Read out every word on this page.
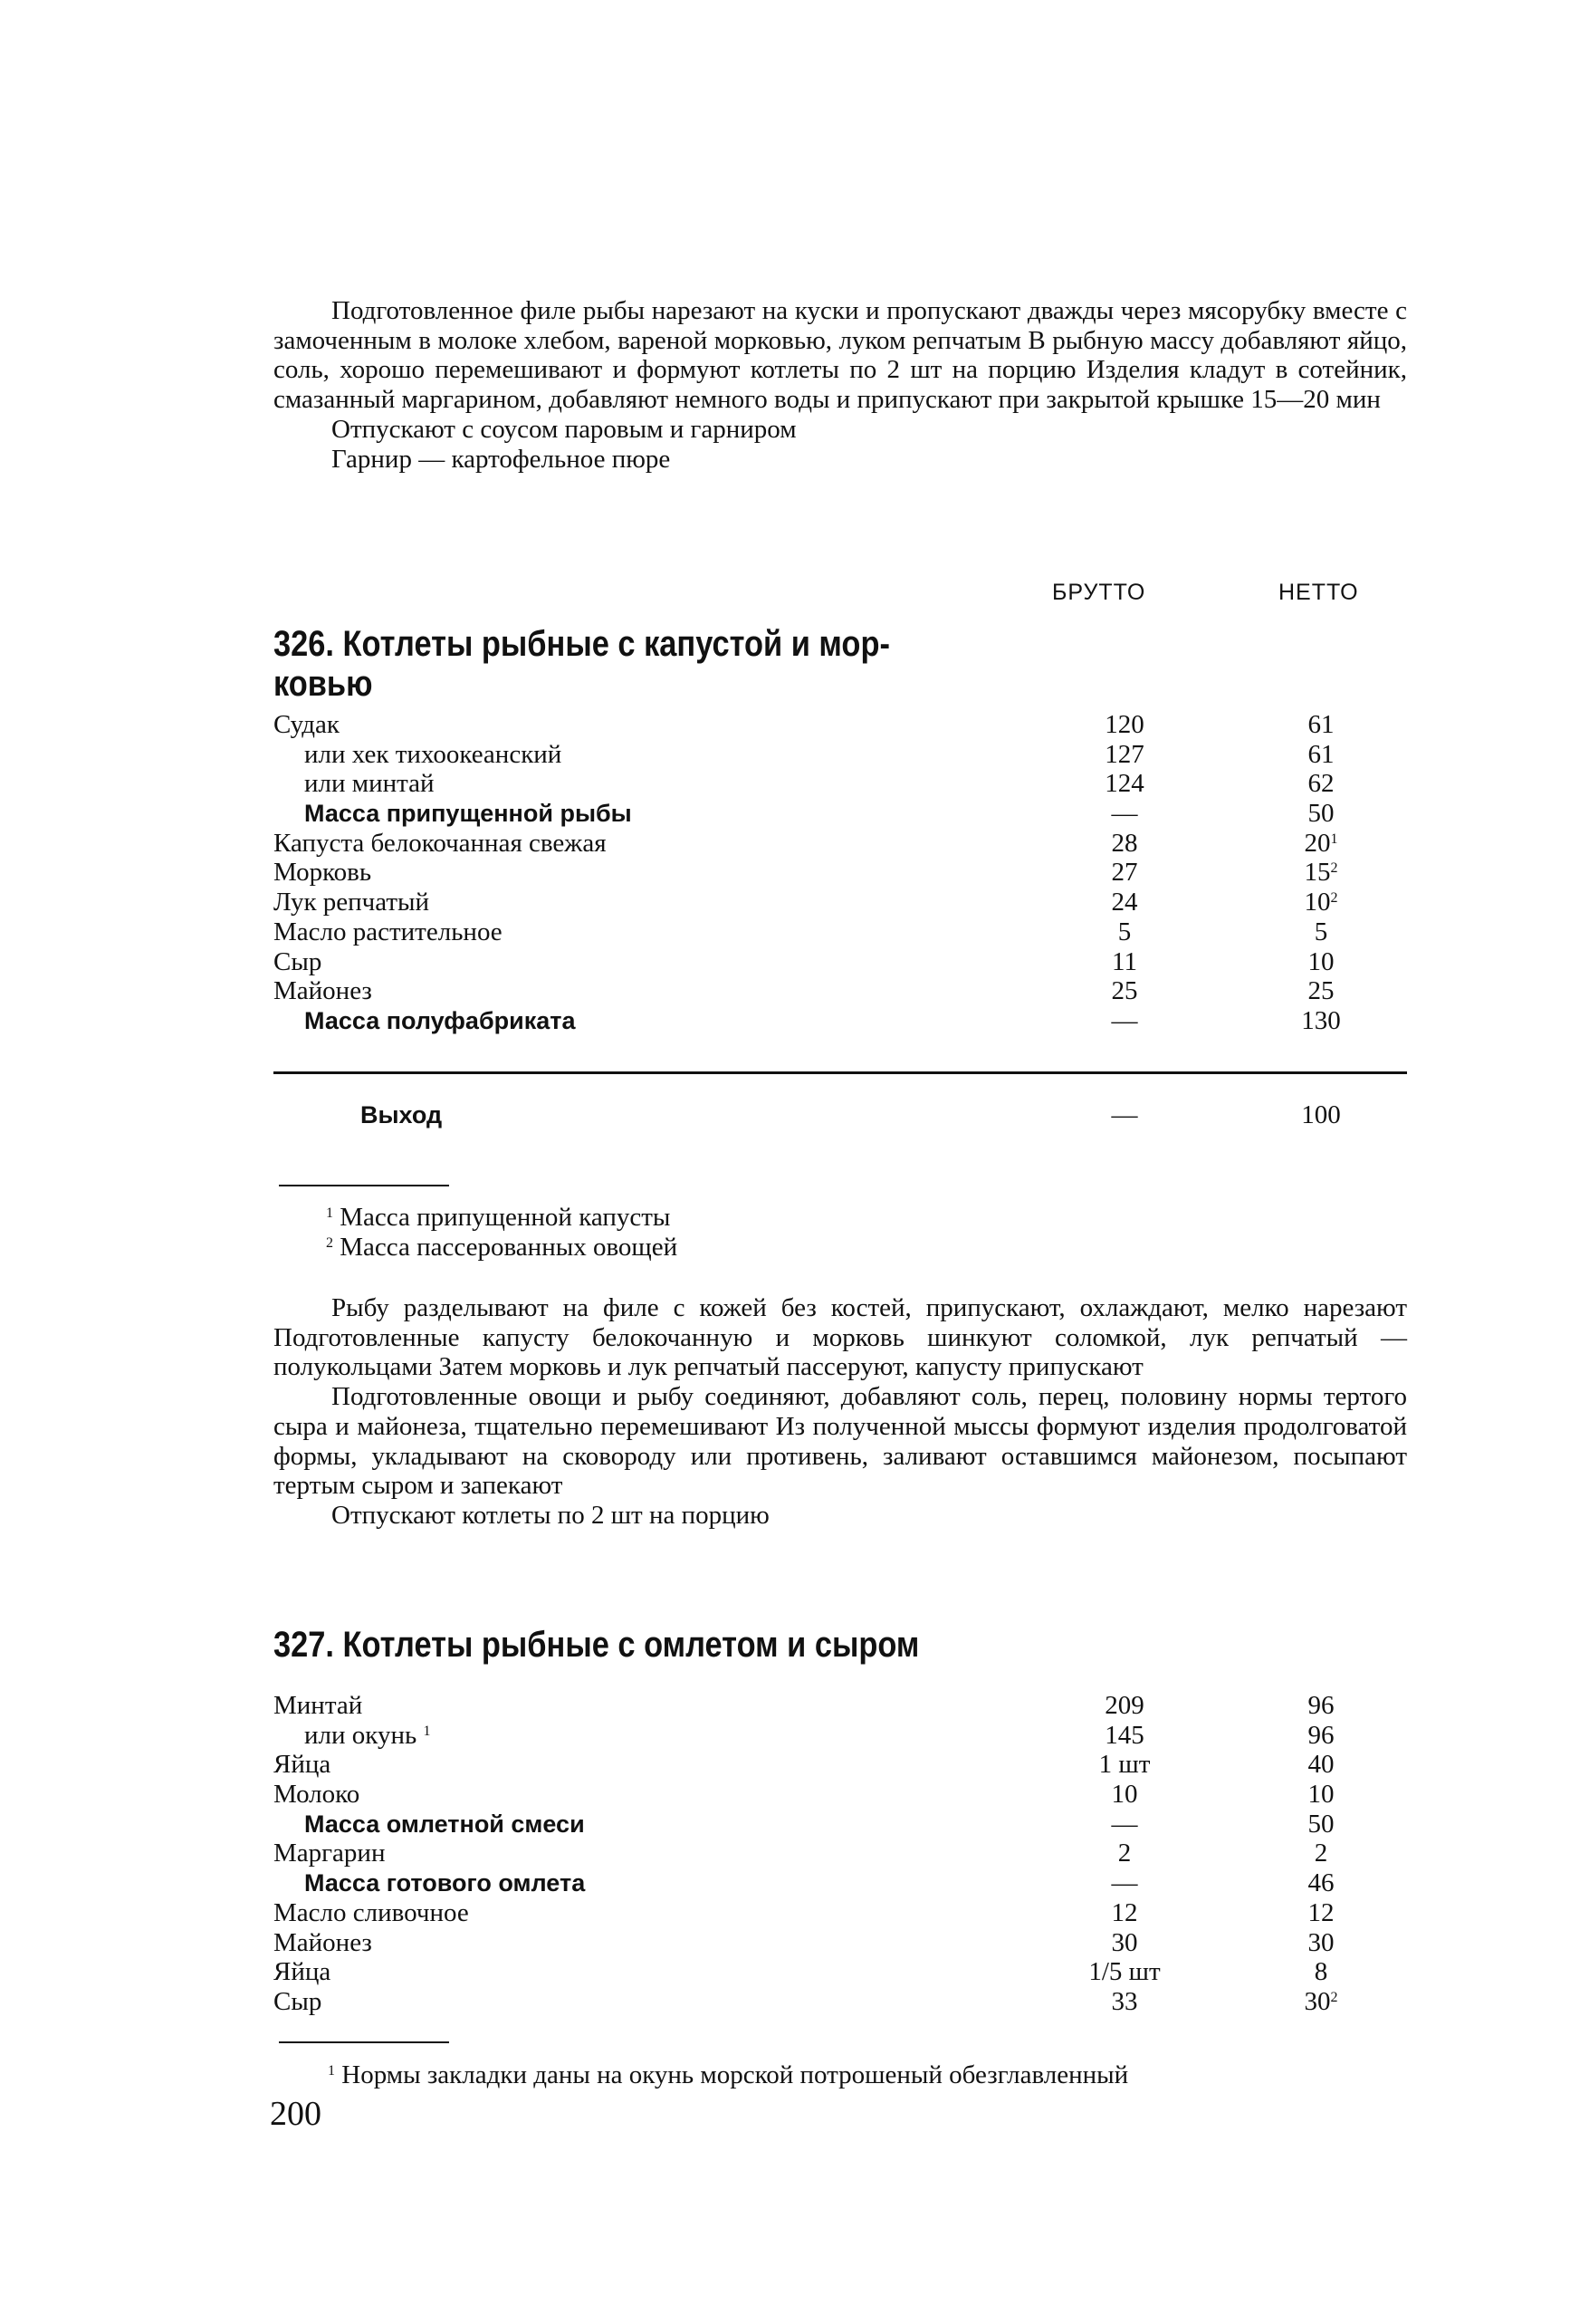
Подготовленное филе рыбы нарезают на куски и пропускают дважды через мясорубку вместе с замоченным в молоке хлебом, вареной морковью, луком репчатым В рыбную массу добавляют яйцо, соль, хорошо перемешивают и формуют котлеты по 2 шт на порцию Изделия кладут в сотейник, смазанный маргарином, добавляют немного воды и припускают при закрытой крышке 15—20 мин

Отпускают с соусом паровым и гарниром

Гарнир — картофельное пюре

БРУТТО	НЕТТО
326. Котлеты рыбные с капустой и мор-
ковью
Судак	120	61
или хек тихоокеанский	127	61
или минтай	124	62
Масса припущенной рыбы	—	50
Капуста белокочанная свежая	28	$20^1$
Морковь	27	$15^2$
Лук репчатый	24	$10^2$
Масло растительное	5	5
Сыр	11	10
Майонез	25	25
Масса полуфабриката	—	130
Выход	—	100
$^1$ Масса припущенной капусты
$^2$ Масса пассерованных овощей

Рыбу разделывают на филе с кожей без костей, припускают, охлаждают, мелко нарезают Подготовленные капусту белокочанную и морковь шинкуют соломкой, лук репчатый — полукольцами Затем морковь и лук репчатый пассеруют, капусту припускают

Подготовленные овощи и рыбу соединяют, добавляют соль, перец, половину нормы тертого сыра и майонеза, тщательно перемешивают Из полученной мыссы формуют изделия продолговатой формы, укладывают на сковороду или противень, заливают оставшимся майонезом, посыпают тертым сыром и запекают

Отпускают котлеты по 2 шт на порцию

327. Котлеты рыбные с омлетом и сыром
Минтай	209	96
или окунь $^1$	145	96
Яйца	1 шт	40
Молоко	10	10
Масса омлетной смеси	—	50
Маргарин	2	2
Масса готового омлета	—	46
Масло сливочное	12	12
Майонез	30	30
Яйца	1/5 шт	8
Сыр	33	$30^2$
$^1$ Нормы закладки даны на окунь морской потрошеный обезглавленный
200
